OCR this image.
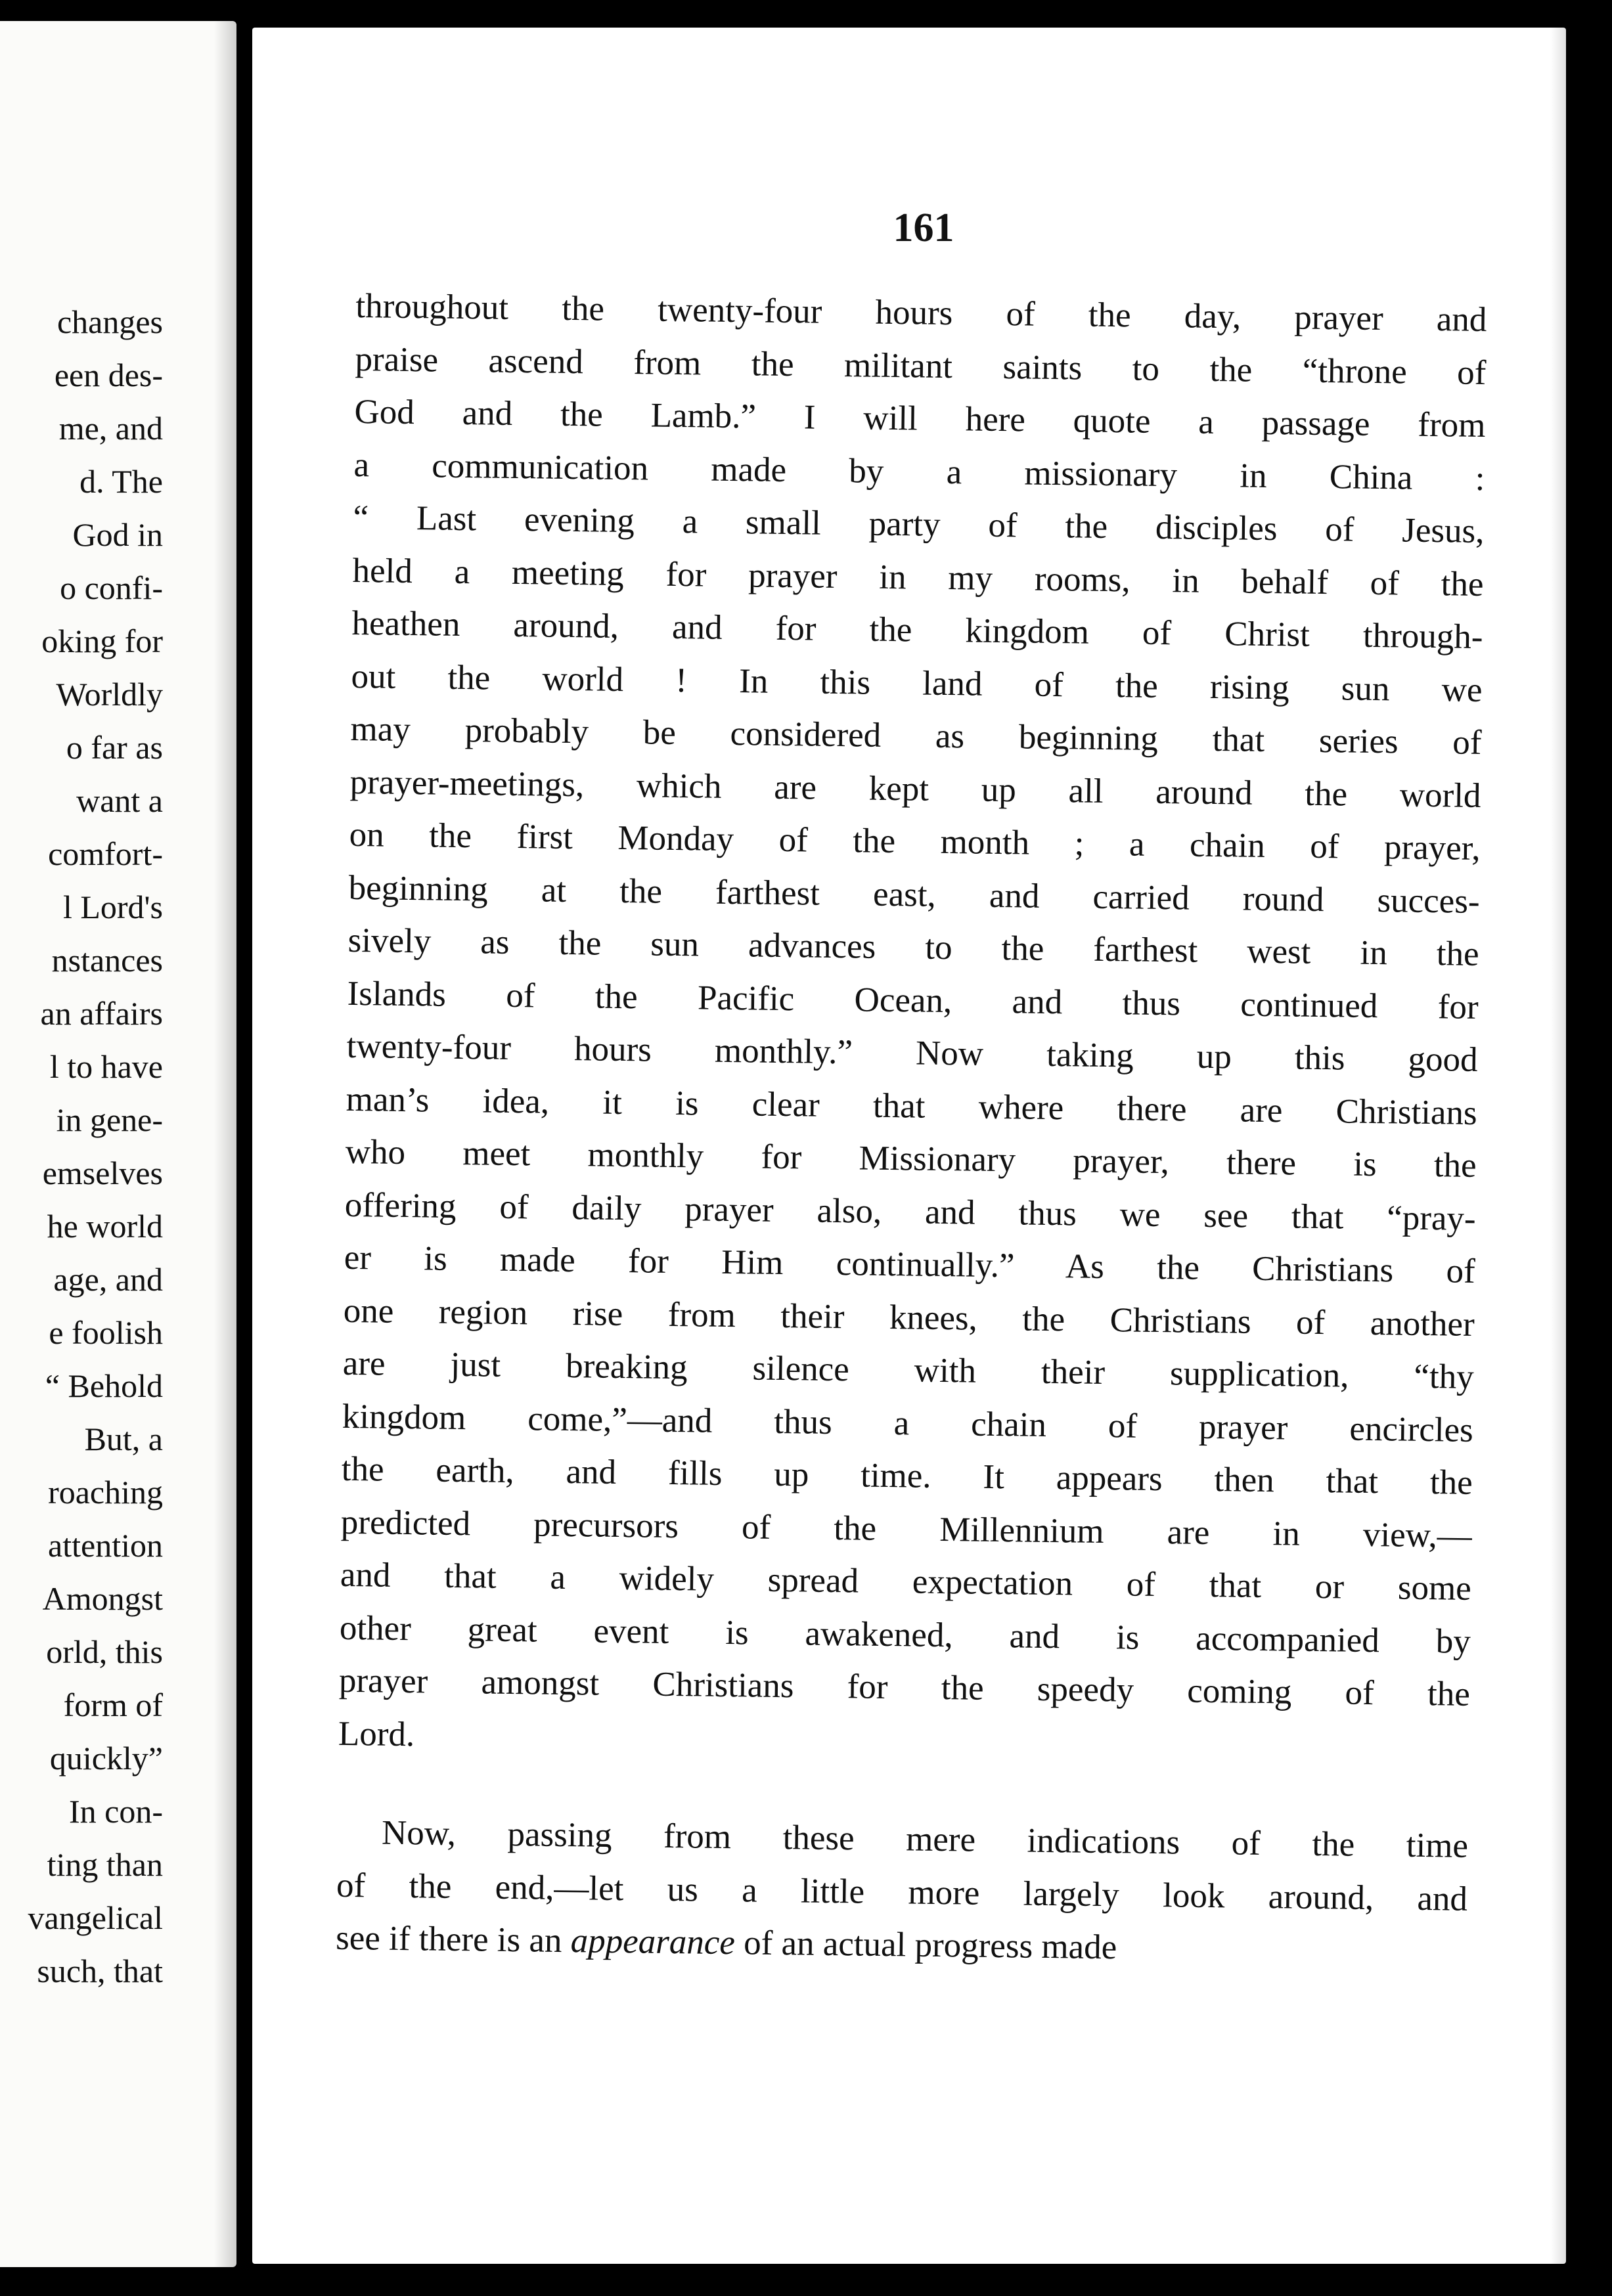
changes
een des-
me, and
d. The
God in
o confi-
oking for
Worldly
o far as
want a
comfort-
l Lord's
nstances
an affairs
l to have
in gene-
emselves
he world
age, and
e foolish
“ Behold
But, a
roaching
attention
Amongst
orld, this
form of
quickly”
In con-
ting than
vangelical
such, that
161
throughout the twenty-four hours of the day, prayer and
praise ascend from the militant saints to the “throne of
God and the Lamb.” I will here quote a passage from
a communication made by a missionary in China :
“ Last evening a small party of the disciples of Jesus,
held a meeting for prayer in my rooms, in behalf of the
heathen around, and for the kingdom of Christ through-
out the world ! In this land of the rising sun we
may probably be considered as beginning that series of
prayer-meetings, which are kept up all around the world
on the first Monday of the month ; a chain of prayer,
beginning at the farthest east, and carried round succes-
sively as the sun advances to the farthest west in the
Islands of the Pacific Ocean, and thus continued for
twenty-four hours monthly.” Now taking up this good
man’s idea, it is clear that where there are Christians
who meet monthly for Missionary prayer, there is the
offering of daily prayer also, and thus we see that “pray-
er is made for Him continually.” As the Christians of
one region rise from their knees, the Christians of another
are just breaking silence with their supplication, “thy
kingdom come,”—and thus a chain of prayer encircles
the earth, and fills up time. It appears then that the
predicted precursors of the Millennium are in view,—
and that a widely spread expectation of that or some
other great event is awakened, and is accompanied by
prayer amongst Christians for the speedy coming of the
Lord.
Now, passing from these mere indications of the time
of the end,—let us a little more largely look around, and
see if there is an appearance of an actual progress made
